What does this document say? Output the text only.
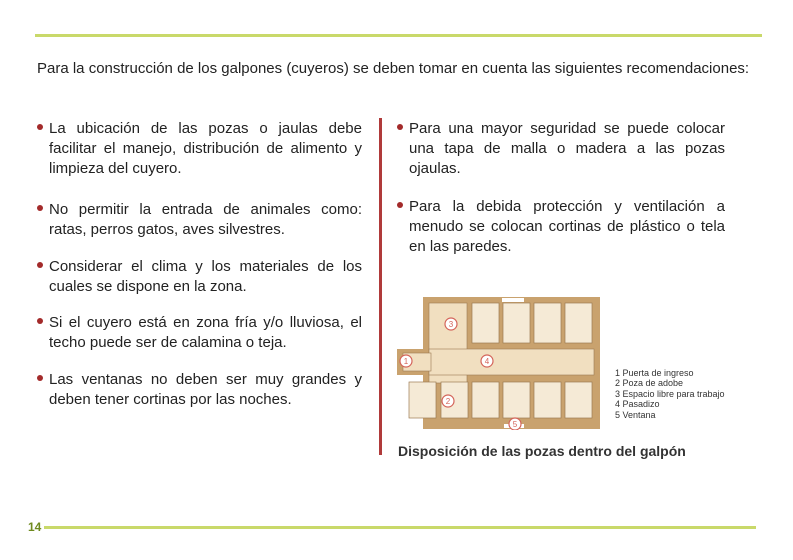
Para la construcción de los galpones (cuyeros) se deben tomar en cuenta las siguientes recomendaciones:

La ubicación de las pozas o jaulas debe facilitar el manejo, distribución de alimento y limpieza del cuyero.
No permitir la entrada de animales como: ratas, perros gatos, aves silvestres.
Considerar el clima y los materiales de los cuales se dispone en la zona.
Si el cuyero está en zona fría y/o lluviosa, el techo puede ser de calamina o teja.
Las ventanas no deben ser muy grandes y deben tener cortinas por las noches.
Para una mayor seguridad se puede colocar una tapa de malla o madera a las pozas ojaulas.
Para la debida protección y ventilación a menudo se colocan cortinas de plástico o tela en las paredes.
1
2
3
4
5
1 Puerta de ingreso
2 Poza de adobe
3 Espacio libre para trabajo
4 Pasadizo
5 Ventana
Disposición de las pozas dentro del galpón
14
